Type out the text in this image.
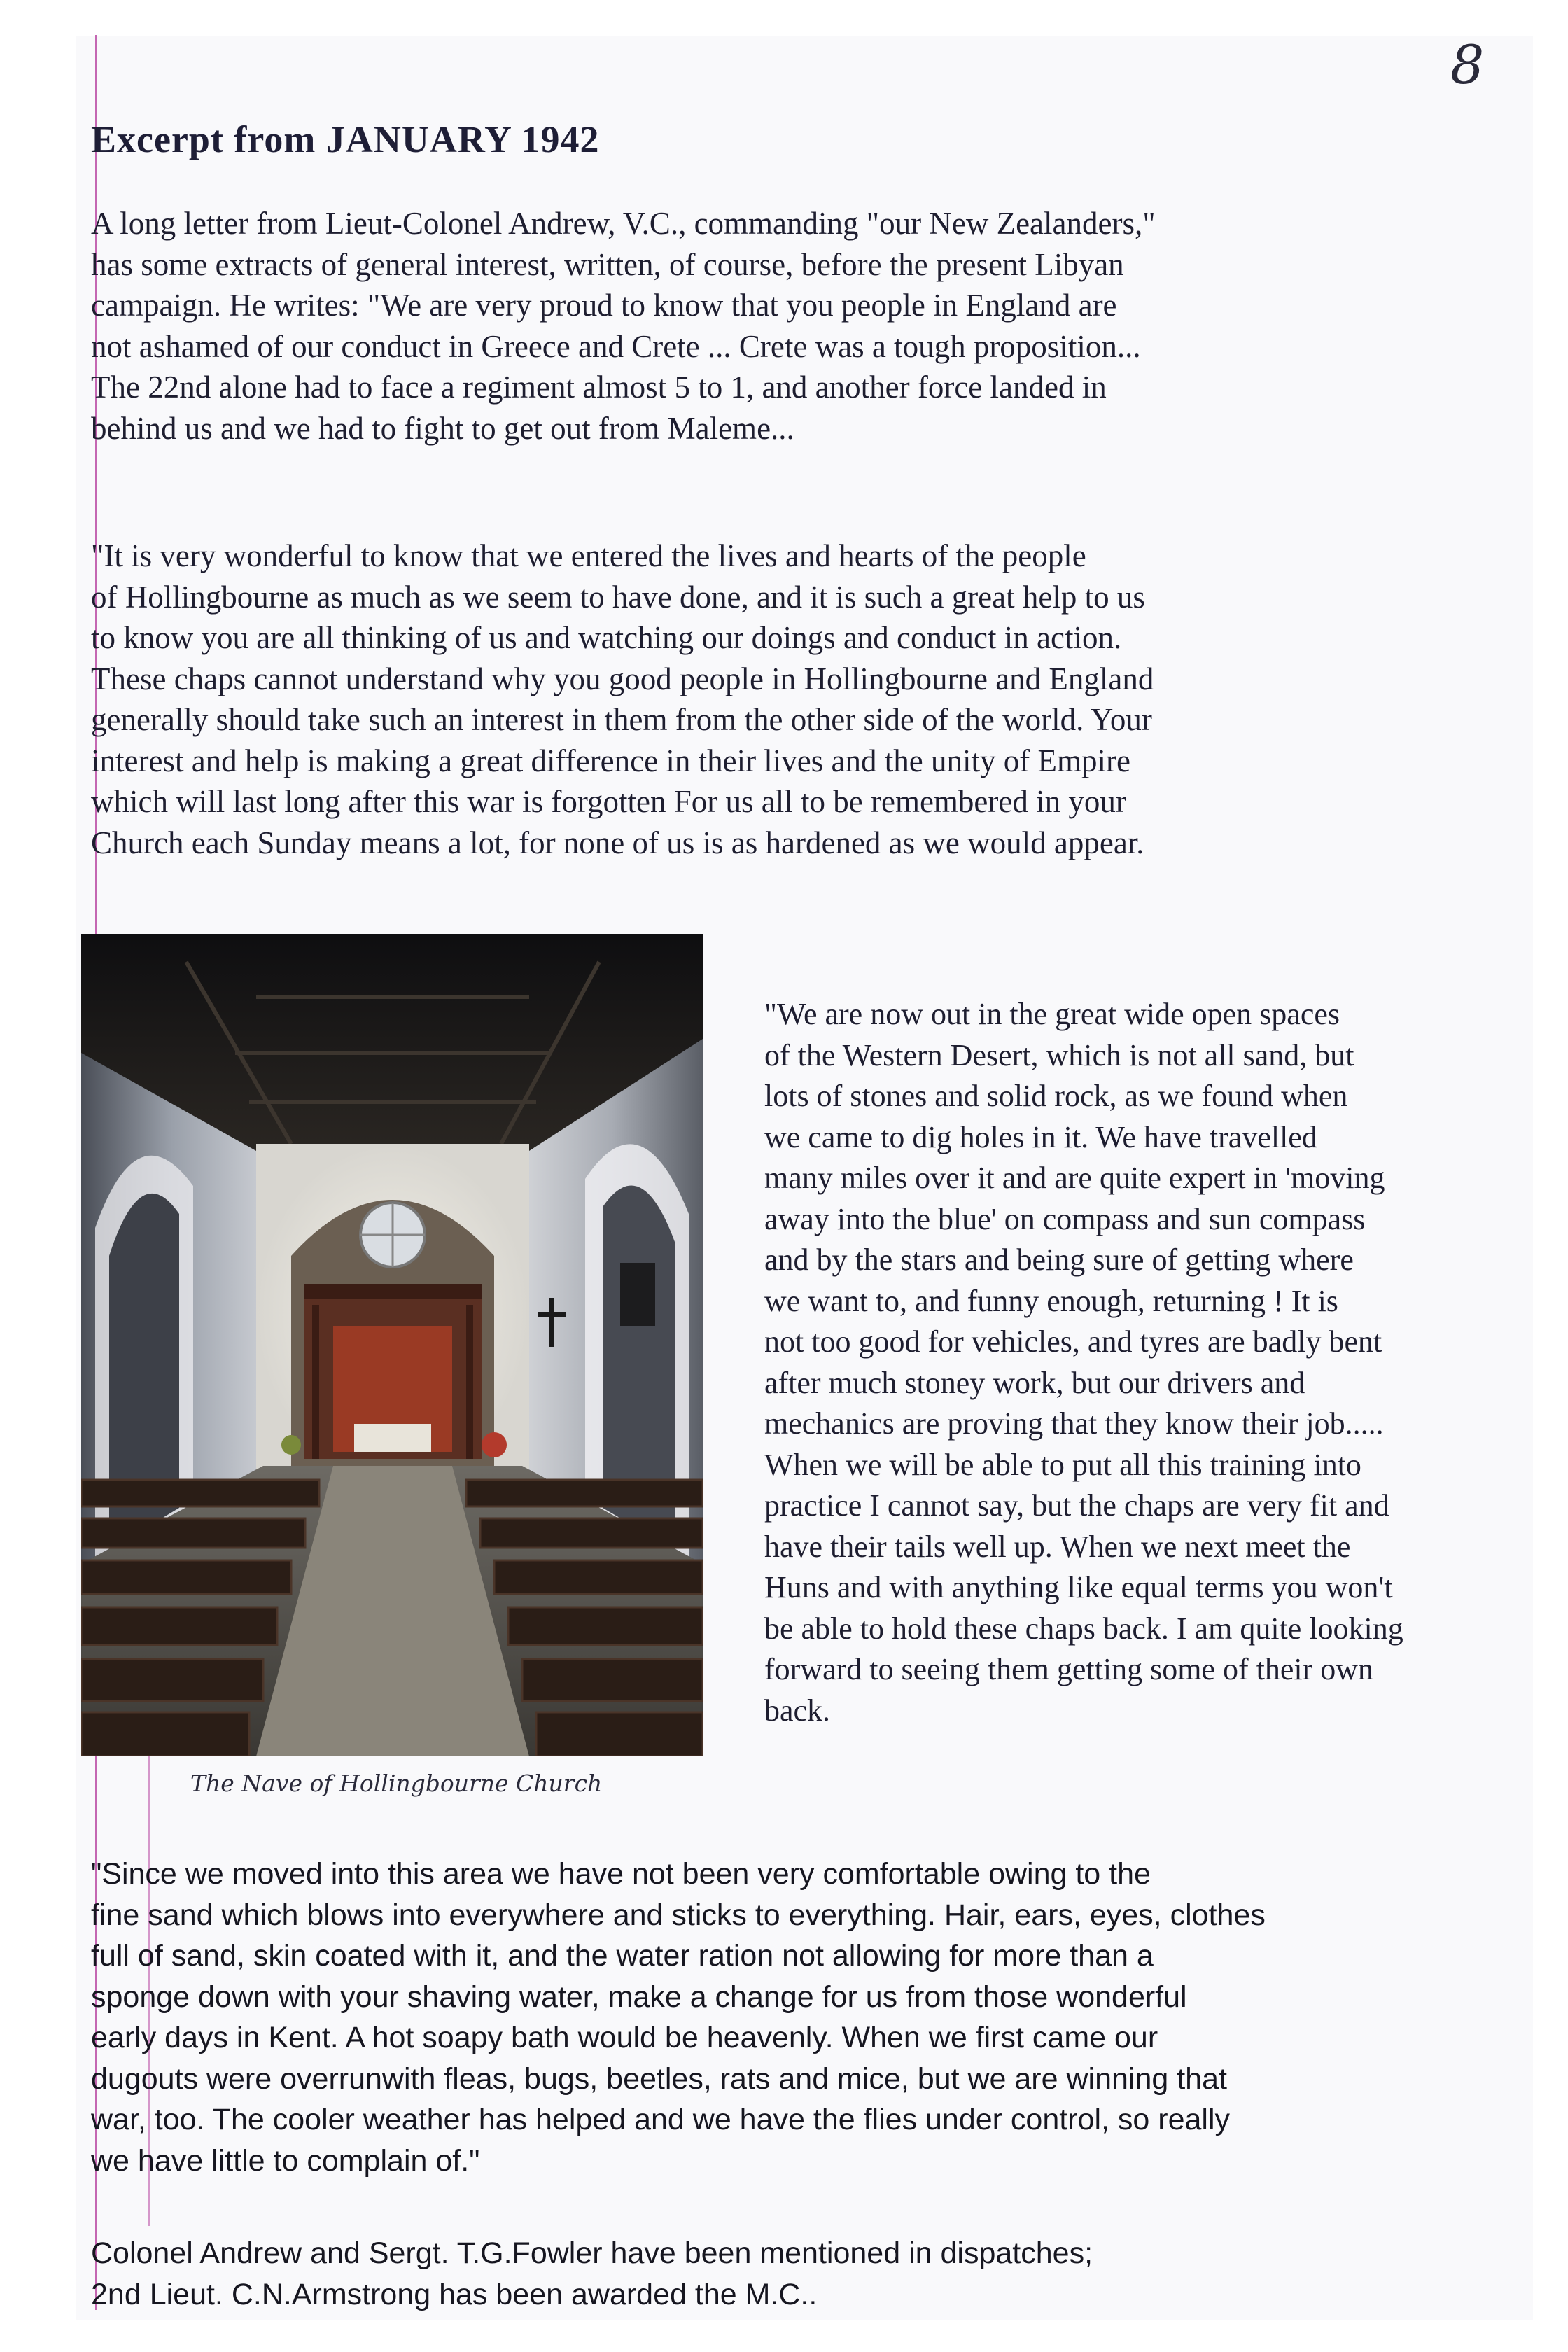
8
Excerpt from JANUARY 1942

A long letter from Lieut-Colonel Andrew, V.C., commanding "our New Zealanders,"
has some extracts of general interest, written, of course, before the present Libyan
campaign. He writes: "We are very proud to know that you people in England are
not ashamed of our conduct in Greece and Crete ... Crete was a tough proposition...
The 22nd alone had to face a regiment almost 5 to 1, and another force landed in
behind us and we had to fight to get out from Maleme...

"It is very wonderful to know that we entered the lives and hearts of the people
of Hollingbourne as much as we seem to have done, and it is such a great help to us
to know you are all thinking of us and watching our doings and conduct in action.
These chaps cannot understand why you good people in Hollingbourne and England
generally should take such an interest in them from the other side of the world. Your
interest and help is making a great difference in their lives and the unity of Empire
which will last long after this war is forgotten For us all to be remembered in your
Church each Sunday means a lot, for none of us is as hardened as we would appear.

The Nave of Hollingbourne Church

"We are now out in the great wide open spaces
of the Western Desert, which is not all sand, but
lots of stones and solid rock, as we found when
we came to dig holes in it. We have travelled
many miles over it and are quite expert in 'moving
away into the blue' on compass and sun compass
and by the stars and being sure of getting where
we want to, and funny enough, returning ! It is
not too good for vehicles, and tyres are badly bent
after much stoney work, but our drivers and
mechanics are proving that they know their job.....
When we will be able to put all this training into
practice I cannot say, but the chaps are very fit and
have their tails well up. When we next meet the
Huns and with anything like equal terms you won't
be able to hold these chaps back. I am quite looking
forward to seeing them getting some of their own
back.

"Since we moved into this area we have not been very comfortable owing to the
fine sand which blows into everywhere and sticks to everything. Hair, ears, eyes, clothes
full of sand, skin coated with it, and the water ration not allowing for more than a
sponge down with your shaving water, make a change for us from those wonderful
early days in Kent. A hot soapy bath would be heavenly. When we first came our
dugouts were overrunwith fleas, bugs, beetles, rats and mice, but we are winning that
war, too. The cooler weather has helped and we have the flies under control, so really
we have little to complain of."

Colonel Andrew and Sergt. T.G.Fowler have been mentioned in dispatches;
2nd Lieut. C.N.Armstrong has been awarded the M.C..
